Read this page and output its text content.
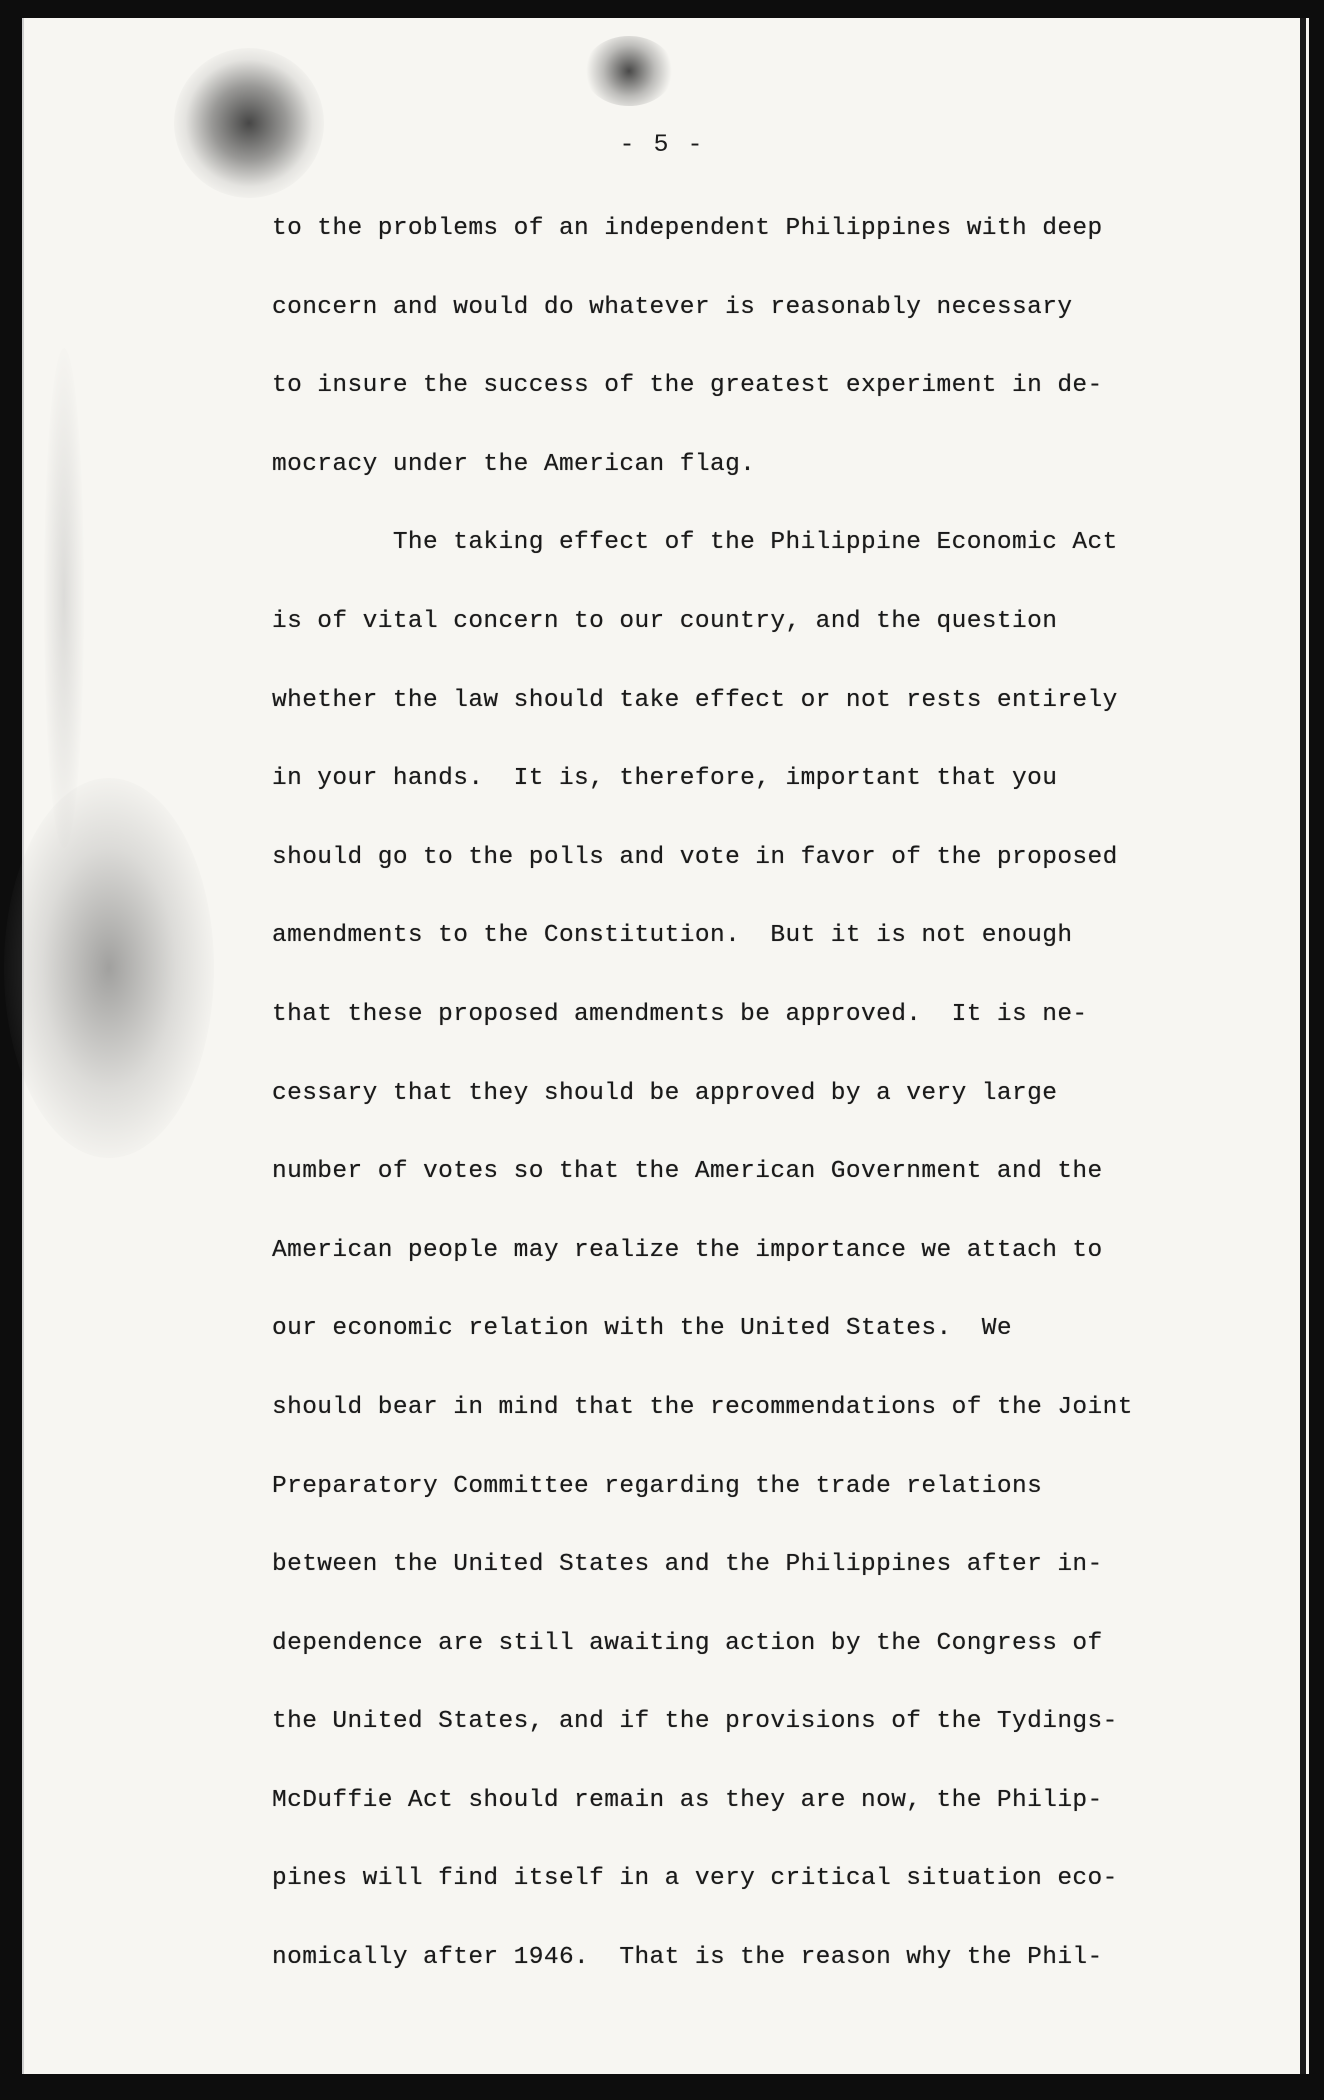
- 5 -
to the problems of an independent Philippines with deep
concern and would do whatever is reasonably necessary
to insure the success of the greatest experiment in de-
mocracy under the American flag.
The taking effect of the Philippine Economic Act
is of vital concern to our country, and the question
whether the law should take effect or not rests entirely
in your hands.  It is, therefore, important that you
should go to the polls and vote in favor of the proposed
amendments to the Constitution.  But it is not enough
that these proposed amendments be approved.  It is ne-
cessary that they should be approved by a very large
number of votes so that the American Government and the
American people may realize the importance we attach to
our economic relation with the United States.  We
should bear in mind that the recommendations of the Joint
Preparatory Committee regarding the trade relations
between the United States and the Philippines after in-
dependence are still awaiting action by the Congress of
the United States, and if the provisions of the Tydings-
McDuffie Act should remain as they are now, the Philip-
pines will find itself in a very critical situation eco-
nomically after 1946.  That is the reason why the Phil-
